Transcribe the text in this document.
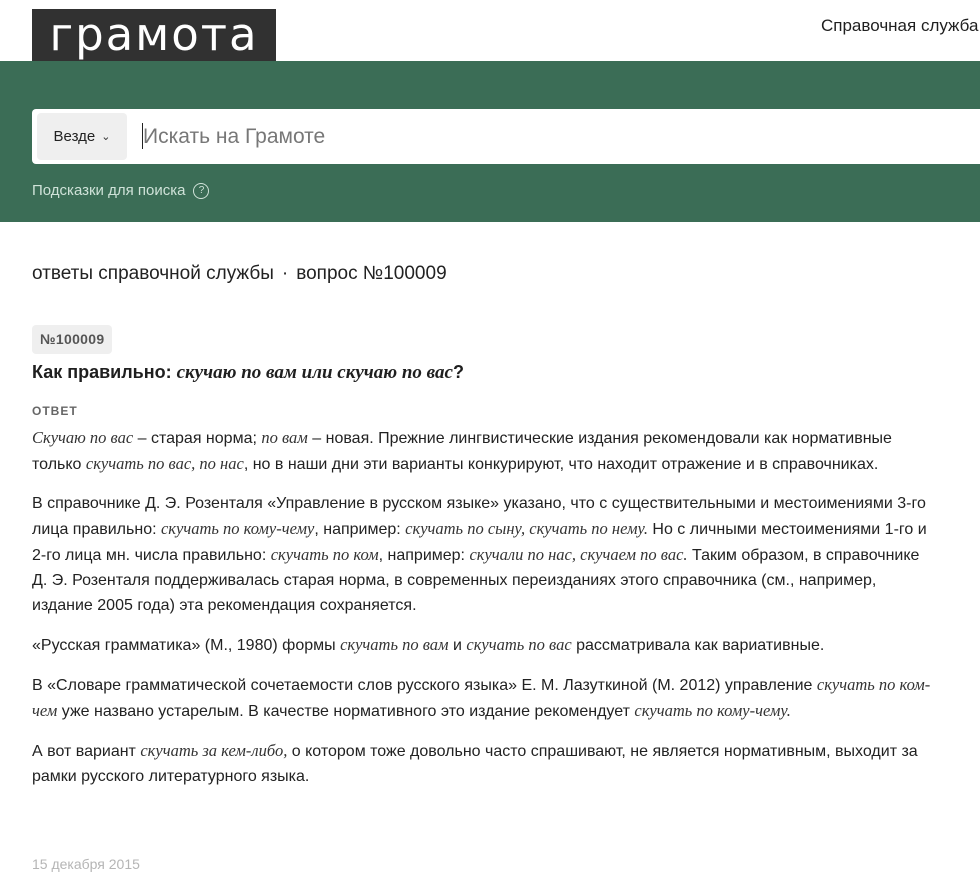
грамота	Справочная служба
Везде ⌄
Искать на Грамоте
Подсказки для поиска	?
ответы справочной службы · вопрос №100009
№100009
Как правильно: скучаю по вам или скучаю по вас?
ОТВЕТ

Скучаю по вас – старая норма; по вам – новая. Прежние лингвистические издания рекомендовали как нормативные только скучать по вас, по нас, но в наши дни эти варианты конкурируют, что находит отражение и в справочниках.

В справочнике Д. Э. Розенталя «Управление в русском языке» указано, что с существительными и местоимениями 3-го лица правильно: скучать по кому-чему, например: скучать по сыну, скучать по нему. Но с личными местоимениями 1-го и 2-го лица мн. числа правильно: скучать по ком, например: скучали по нас, скучаем по вас. Таким образом, в справочнике Д. Э. Розенталя поддерживалась старая норма, в современных переизданиях этого справочника (см., например, издание 2005 года) эта рекомендация сохраняется.

«Русская грамматика» (М., 1980) формы скучать по вам и скучать по вас рассматривала как вариативные.

В «Словаре грамматической сочетаемости слов русского языка» Е. М. Лазуткиной (М. 2012) управление скучать по ком-чем уже названо устарелым. В качестве нормативного это издание рекомендует скучать по кому-чему.

А вот вариант скучать за кем-либо, о котором тоже довольно часто спрашивают, не является нормативным, выходит за рамки русского литературного языка.

15 декабря 2015
